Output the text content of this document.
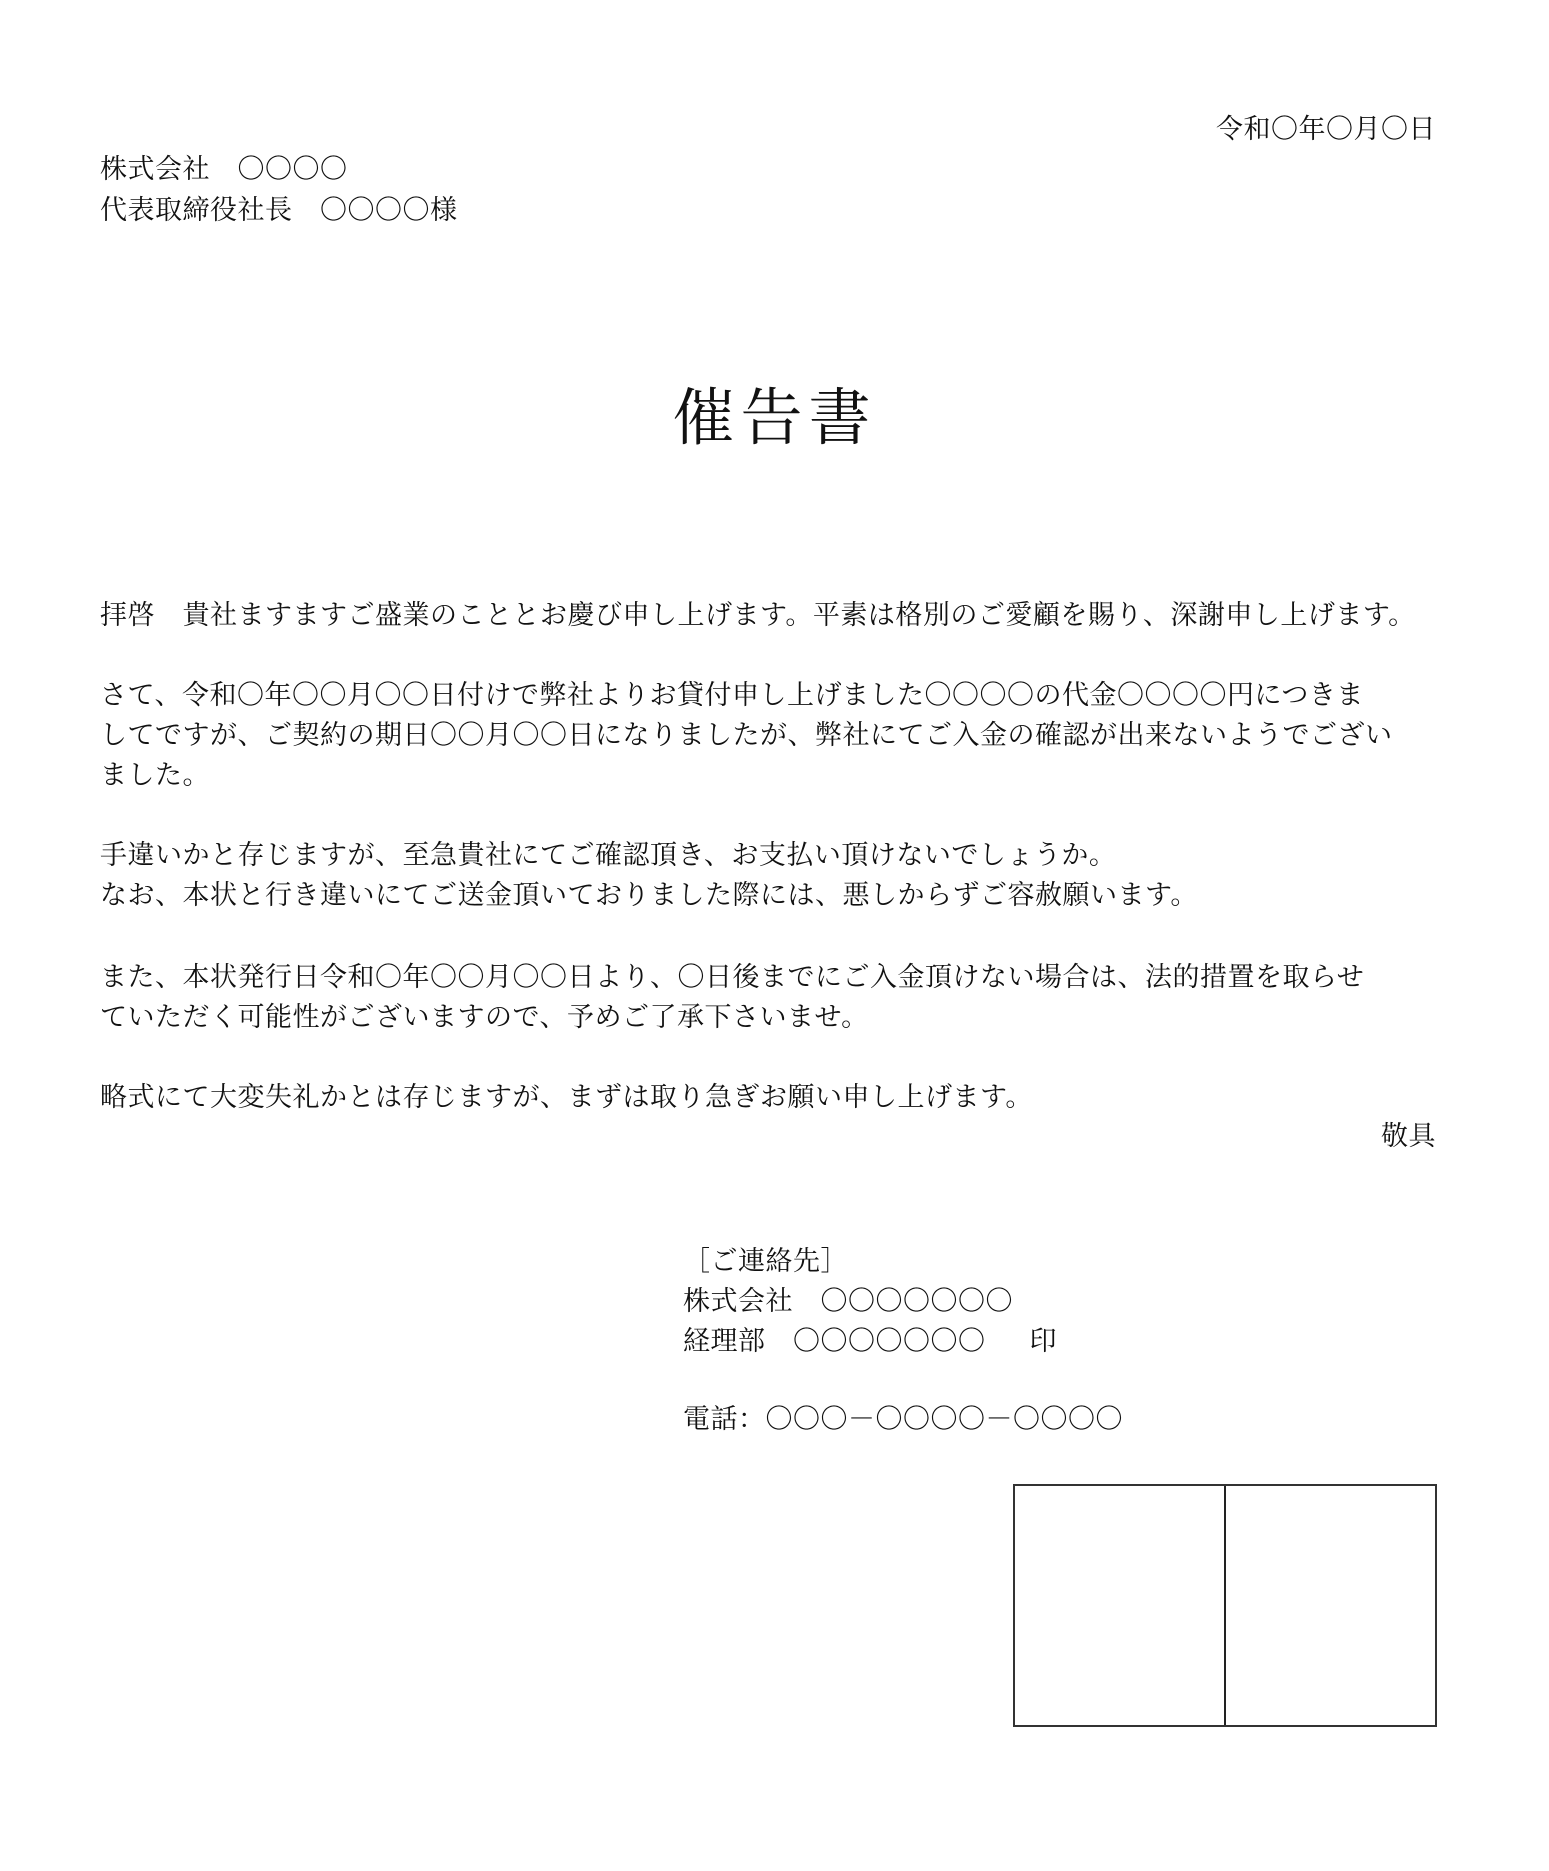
令和〇年〇月〇日
株式会社　〇〇〇〇
代表取締役社長　〇〇〇〇様
催告書
拝啓　貴社ますますご盛業のこととお慶び申し上げます。平素は格別のご愛顧を賜り、深謝申し上げます。
さて、令和〇年〇〇月〇〇日付けで弊社よりお貸付申し上げました〇〇〇〇の代金〇〇〇〇円につきま
してですが、ご契約の期日〇〇月〇〇日になりましたが、弊社にてご入金の確認が出来ないようでござい
ました。
手違いかと存じますが、至急貴社にてご確認頂き、お支払い頂けないでしょうか。
なお、本状と行き違いにてご送金頂いておりました際には、悪しからずご容赦願います。
また、本状発行日令和〇年〇〇月〇〇日より、〇日後までにご入金頂けない場合は、法的措置を取らせ
ていただく可能性がございますので、予めご了承下さいませ。
略式にて大変失礼かとは存じますが、まずは取り急ぎお願い申し上げます。
敬具
［ご連絡先］
株式会社　〇〇〇〇〇〇〇
経理部　〇〇〇〇〇〇〇 印
電話：〇〇〇－〇〇〇〇－〇〇〇〇
